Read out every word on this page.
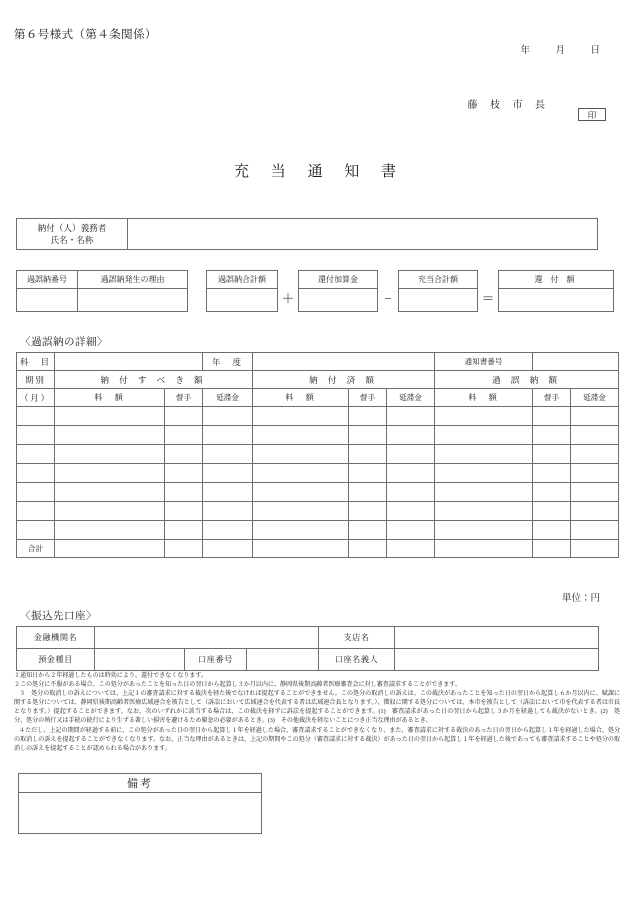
第６号様式（第４条関係）
年　月　日
藤 枝 市 長
印
充 当 通 知 書
納付（人）義務者
氏名・名称

過誤納番号	過誤納発生の理由
		過誤納合計額

＋
還付加算金

−
充当合計額

＝
還 付 額

〈過誤納の詳細〉
科　目			年　度				通知書番号		
期別	納 付 す べ き 額			納 付 済 額			過 誤 納 額		
（月）	料　額	督手	延滞金	料　額	督手	延滞金	料　額	督手	延滞金

合計									
単位：円
〈振込先口座〉
金融機関名				支店名	
預金種目		口座番号		口座名義人	

１通知日から２年経過したものは時効により、還付できなくなります。

２この処分に不服がある場合、この処分があったことを知った日の翌日から起算し３か月以内に、静岡県後期高齢者医療審査会に対し審査請求することができます。

３　処分の取消しの訴えについては、上記１の審査請求に対する裁決を経た後でなければ提起することができません。この処分の取消しの訴えは、この裁決があったことを知った日の翌日から起算し６か月以内に、賦課に関する処分については、静岡県後期高齢者医療広域連合を被告として（訴訟において広域連合を代表する者は広域連合長となります。）、徴収に関する処分については、本市を被告として（訴訟において市を代表する者は市長となります。）提起することができます。なお、次のいずれかに該当する場合は、この裁決を経ずに訴訟を提起することができます。(1)　審査請求があった日の翌日から起算し３か月を経過しても裁決がないとき。(2)　処分、処分の執行又は手続の続行により生ずる著しい損害を避けるため緊急の必要があるとき。(3)　その他裁決を経ないことにつき正当な理由があるとき。

４ただし、上記の期間が経過する前に、この処分があった日の翌日から起算し１年を経過した場合、審査請求することができなくなり、また、審査請求に対する裁決のあった日の翌日から起算し１年を経過した場合、処分の取消しの訴えを提起することができなくなります。なお、正当な理由があるときは、上記の期間やこの処分（審査請求に対する裁決）があった日の翌日から起算し１年を経過した後であっても審査請求することや処分の取消しの訴えを提起することが認められる場合があります。

備考
